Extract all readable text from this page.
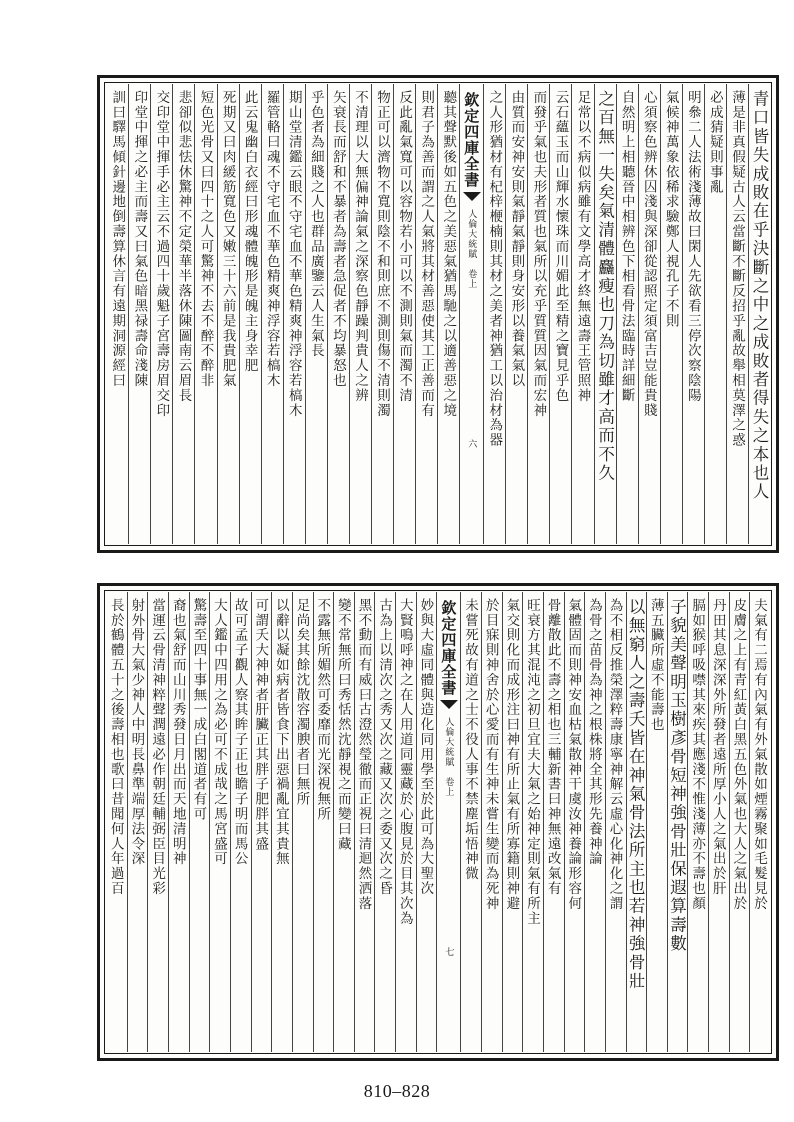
青口皆失成敗在乎決斷之中之成敗者得失之本也人
薄是非真假疑古人云當斷不斷反招乎亂故舉相莫澤之惑
必成猜疑則事亂
明叅二人法術淺薄故曰閑人先欲看三停次察陰陽
氣候神萬象依稀求驗鄭人視孔子不則
心須察色辨休囚淺與深卻從認照定須富吉豈能貴賤
自然明上相聽晉中相辨色下相看骨法臨時詳細斷
之百無一失矣氣清體麤瘦也刀為切雖才高而不久
足常以不病似病雖有文學高才終無遠壽王管照神
云石蘊玉而山輝水懷珠而川媚此至精之寶見乎色
而發乎氣也夫形者質也氣所以充乎質質因氣而宏神
由質而安神安則氣靜氣靜則身安形以養氣氣以
之人形猶材有杞梓楩楠則其材之美者神猶工以治材為器
欽定四庫全書
人倫大統賦　卷上
六
聽其聲默後如五色之美惡氣猶馬馳之以適善惡之境
則君子為善而謂之人氣將其材善惡使其工正善而有
反此亂氣寬可以容物若小可以不測則氣而濁不清
物正可以濟物不寬則陰不和則庶不測則傷不清則濁
不清理以大無偏神論氣之深察色靜躁判貴人之辨
矢衰長而舒和不暴者為壽者急促者不均暴怒也
乎色者為細賤之人也群品廣鑒云人生氣長
期山堂清鑑云眼不守宅血不華色精爽神浮容若槁木
羅管輅曰魂不守宅血不華色精爽神浮容若槁木
此云鬼幽白衣經曰形魂體魄形是魄主身幸肥
死期又曰肉緩筋寬色又嫩三十六前是我貴肥氣
短色光骨又曰四十之人可驚神不去不醉不醉非
悲卻似悲怯休驚神不定榮華半落休陳圖南云眉長
交印堂中揮手必主云不過四十歲魁子宮壽房眉交印
印堂中揮之必主而壽又曰氣色暗黑禄壽命淺陳
訓曰驛馬傾針邊地倒壽算休言有遠期洞源經曰
夫氣有二焉有內氣有外氣散如煙霧聚如毛髮見於
皮膚之上有青紅黃白黑五色外氣也大人之氣出於
丹田其息深深外所發者遠所厚小人之氣出於肝
膈如猴呼吸噤其來疾其應淺不惟淺薄亦不壽也顏
子貌美聲明玉樹彥骨短神強骨壯保遐算壽數
薄五臟所虛不能壽也
以無窮人之壽夭皆在神氣骨法所主也若神強骨壯
為不相反推榮澤粹壽康寧神解云虛心化神化之謂
為骨之苗骨為神之根株將全其形先養神論
氣體固而則神安血枯氣散神干虞汝神養論形容何
骨離散此不壽之相也三輔新書曰神無遠改氣有
旺衰方其混沌之初旦宜夫大氣之始神定則氣有所主
氣交則化而成形注曰神有所止氣有所寡籍則神避
於目寐則神舍於心愛而有生神未嘗生變而為死神
未嘗死故有道之士不役人事不禁塵垢悟神微
欽定四庫全書
人倫大統賦　卷上
七
妙與大虛同體與造化同用學至於此可為大聖次
大賢鳴呼神之在人用道同靈藏於心腹見於目其次為
古為上以清次之秀又次之藏又次之委又次之昏
黑不動而有威曰古澄然瑩徹而正視曰清迴然洒落
變不常無所曰秀恬然沈靜視之而變曰藏
不露無所媚然可委靡而光深視無所
足尚矣其餘沈散容濁腴者曰無所
以辭以凝如病者皆食下出惡禍亂宜其貴無
可謂夭大神神者肝臟正其胖子肥胖其盛
故可孟子觀人察其眸子正也瞻子明而馬公
大人鑑中四用之為必可不成哉之馬宮盛可
驚壽至四十事無一成白閣道者有可
裔也氣舒而山川秀發日月出而天地清明神
當運云骨清神粹聲潤遠必作朝廷輔弼臣目光彩
射外骨大氣少神人中明長鼻準端厚法令深
長於鶴體五十之後壽相也歌曰昔聞何人年過百
810–828
